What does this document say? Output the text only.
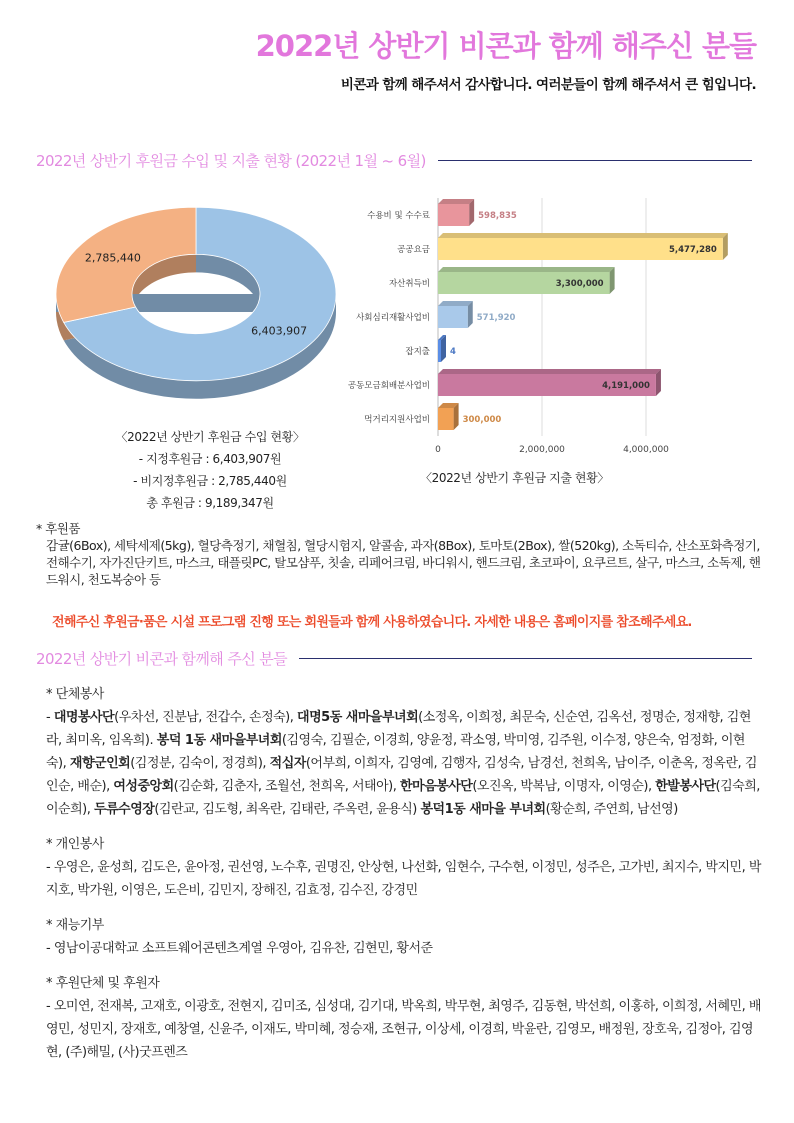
2022년 상반기 비콘과 함께 해주신 분들
비콘과 함께 해주셔서 감사합니다. 여러분들이 함께 해주셔서 큰 힘입니다.
2022년 상반기 후원금 수입 및 지출 현황 (2022년 1월 ~ 6월)
6,403,907
2,785,440
〈2022년 상반기 후원금 수입 현황〉
- 지정후원금 : 6,403,907원
- 비지정후원금 : 2,785,440원
총 후원금 : 9,189,347원
0	2,000,000	4,000,000
수용비 및 수수료	598,835
공공요금	5,477,280
자산취득비	3,300,000
사회심리재활사업비	571,920
잡지출 4
공동모금회배분사업비	4,191,000
먹거리지원사업비	300,000
〈2022년 상반기 후원금 지출 현황〉
* 후원품
감귤(6Box), 세탁세제(5kg), 혈당측정기, 채혈침, 혈당시험지, 알콜솜, 과자(8Box), 토마토(2Box), 쌀(520kg), 소독티슈, 산소포화측정기, 전해수기, 자가진단키트, 마스크, 태플릿PC, 탈모샴푸, 칫솔, 리페어크림, 바디워시, 핸드크림, 초코파이, 요쿠르트, 살구, 마스크, 소독제, 핸드워시, 천도복숭아 등
전해주신 후원금·품은 시설 프로그램 진행 또는 회원들과 함께 사용하였습니다. 자세한 내용은 홈페이지를 참조해주세요.
2022년 상반기 비콘과 함께해 주신 분들
* 단체봉사
- 대명봉사단(우차선, 진분남, 전갑수, 손정숙), 대명5동 새마을부녀회(소정옥, 이희정, 최문숙, 신순연, 김옥선, 정명순, 정재향, 김현라, 최미옥, 임옥희). 봉덕 1동 새마을부녀회(김영숙, 김필순, 이경희, 양윤정, 곽소영, 박미영, 김주원, 이수정, 양은숙, 엄정화, 이현숙), 재향군인회(김정분, 김숙이, 정경희), 적십자(어부희, 이희자, 김영예, 김행자, 김성숙, 남경선, 천희옥, 남이주, 이춘옥, 정옥란, 김인순, 배순), 여성중앙회(김순화, 김춘자, 조월선, 천희옥, 서태아), 한마음봉사단(오진옥, 박복남, 이명자, 이영순), 한발봉사단(김숙희, 이순희), 두류수영장(김란교, 김도형, 최옥란, 김태란, 주옥련, 윤용식) 봉덕1동 새마을 부녀회(황순희, 주연희, 남선영)
* 개인봉사
- 우영은, 윤성희, 김도은, 윤아정, 권선영, 노수후, 권명진, 안상현, 나선화, 임현수, 구수현, 이정민, 성주은, 고가빈, 최지수, 박지민, 박지호, 박가원, 이영은, 도은비, 김민지, 장해진, 김효정, 김수진, 강경민
* 재능기부
- 영남이공대학교 소프트웨어콘텐츠계열 우영아, 김유찬, 김현민, 황서준
* 후원단체 및 후원자
- 오미연, 전재복, 고재호, 이광호, 전현지, 김미조, 심성대, 김기대, 박옥희, 박무현, 최영주, 김동현, 박선희, 이홍하, 이희정, 서혜민, 배영민, 성민지, 장재호, 예창열, 신윤주, 이재도, 박미혜, 정승재, 조현규, 이상세, 이경희, 박윤란, 김영모, 배정원, 장호욱, 김정아, 김영현, (주)해밀, (사)굿프렌즈
